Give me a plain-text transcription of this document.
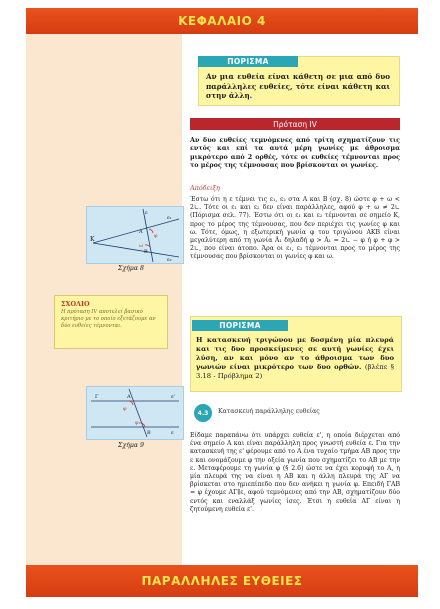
ΚΕΦΑΛΑΙΟ 4
ΠΟΡΙΣΜΑ
Αν μια ευθεία είναι κάθετη σε μια από δυο παράλληλες ευθείες, τότε είναι κάθετη και στην άλλη.
Πρόταση IV
Αν δυο ευθείες τεμνόμενες από τρίτη σχηματίζουν τις εντός και επί τα αυτά μέρη γωνίες με άθροισμα μικρότερο από 2 ορθές, τότε οι ευθείες τέμνονται προς το μέρος της τέμνουσας που βρίσκονται οι γωνίες.
Απόδειξη
Έστω ότι η ε τέμνει τις ε₁, ε₂ στα Α και Β (σχ. 8) ώστε φ + ω < 2∟. Τότε οι ε₁ και ε₂ δεν είναι παράλληλες, αφού φ + ω ≠ 2∟ (Πόρισμα σελ. 77). Έστω ότι οι ε₁ και ε₂ τέμνονται σε σημείο Κ, προς το μέρος της τέμνουσας, που δεν περιέχει τις γωνίες φ και ω. Τότε, όμως, η εξωτερική γωνία φ του τριγώνου ΑΚΒ είναι μεγαλύτερη από τη γωνία Â₁ δηλαδή φ > Â₁ = 2∟ − φ ή φ + φ > 2∟, που είναι άτοπο. Άρα οι ε₁, ε₂ τέμνονται προς το μέρος της τέμνουσας που βρίσκονται οι γωνίες φ και ω.
K
A
B
ε₁
ε₂
ε
φ
ω
Σχήμα 8
ΣΧΟΛΙΟ
Η πρόταση IV αποτελεί βασικό κριτήριο με το οποίο εξετάζουμε αν δύο ευθείες τέμνονται.	ΠΟΡΙΣΜΑ
Η κατασκευή τριγώνου με δοσμένη μία πλευρά και τις δυο προσκείμενες σε αυτή γωνίες έχει λύση, αν και μόνο αν το άθροισμα των δυο γωνιών είναι μικρότερο των δυο ορθών. (βλέπε § 3.18 - Πρόβλημα 2)
Γ	A	ε'
B	ε
φ
φ
Σχήμα 9
4.3	Κατασκευή παράλληλης ευθείας
Είδαμε παραπάνω ότι υπάρχει ευθεία ε', η οποία διέρχεται από ένα σημείο Α και είναι παράλληλη προς γνωστή ευθεία ε. Για την κατασκευή της ε' φέρουμε από το Α ένα τυχαίο τμήμα ΑΒ προς την ε και ονομάζουμε φ την οξεία γωνία που σχηματίζει το ΑΒ με την ε. Μεταφέρουμε τη γωνία φ (§ 2.6) ώστε να έχει κορυφή το Α, η μία πλευρά της να είναι η ΑΒ και η άλλη πλευρά της ΑΓ να βρίσκεται στο ημιεπίπεδο που δεν ανήκει η γωνία φ. Επειδή ΓΑΒ = φ έχουμε ΑΓ∥ε, αφού τεμνόμενες από την ΑΒ, σχηματίζουν δύο εντός και εναλλάξ γωνίες ίσες. Έτσι η ευθεία ΑΓ είναι η ζητούμενη ευθεία ε'.
ΠΑΡΑΛΛΗΛΕΣ ΕΥΘΕΙΕΣ
